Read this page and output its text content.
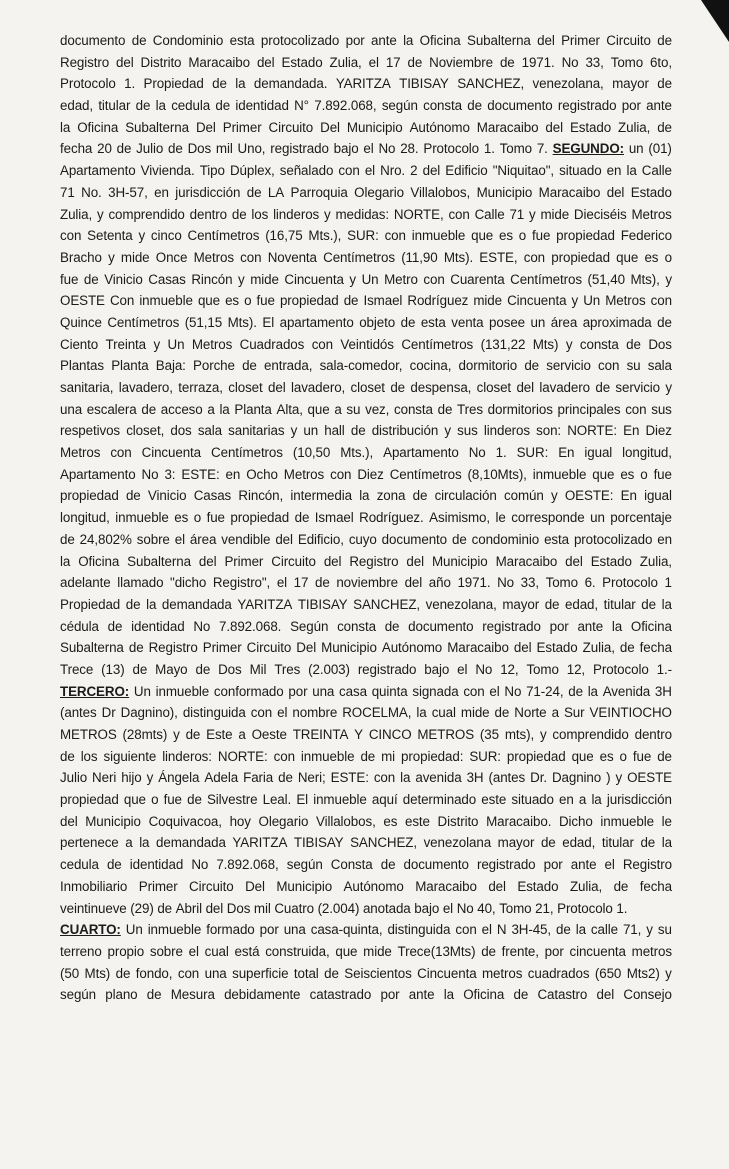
documento de Condominio esta protocolizado por ante la Oficina Subalterna del Primer Circuito de
Registro del Distrito Maracaibo del Estado Zulia, el 17 de Noviembre de 1971. No 33, Tomo 6to,
Protocolo 1. Propiedad de la demandada. YARITZA TIBISAY SANCHEZ, venezolana, mayor de
edad, titular de la cedula de identidad N° 7.892.068, según consta de documento registrado por ante
la Oficina Subalterna Del Primer Circuito Del Municipio Autónomo Maracaibo del Estado Zulia, de
fecha 20 de Julio de Dos mil Uno, registrado bajo el No 28. Protocolo 1. Tomo 7. SEGUNDO: un (01)
Apartamento Vivienda. Tipo Dúplex, señalado con el Nro. 2 del Edificio "Niquitao", situado en la Calle
71 No. 3H-57, en jurisdicción de LA Parroquia Olegario Villalobos, Municipio Maracaibo del Estado
Zulia, y comprendido dentro de los linderos y medidas: NORTE, con Calle 71 y mide Dieciséis Metros
con Setenta y cinco Centímetros (16,75 Mts.), SUR: con inmueble que es o fue propiedad Federico
Bracho y mide Once Metros con Noventa Centímetros (11,90 Mts). ESTE, con propiedad que es o
fue de Vinicio Casas Rincón y mide Cincuenta y Un Metro con Cuarenta Centímetros (51,40 Mts), y
OESTE Con inmueble que es o fue propiedad de Ismael Rodríguez mide Cincuenta y Un Metros con
Quince Centímetros (51,15 Mts). El apartamento objeto de esta venta posee un área aproximada de
Ciento Treinta y Un Metros Cuadrados con Veintidós Centímetros (131,22 Mts) y consta de Dos
Plantas Planta Baja: Porche de entrada, sala-comedor, cocina, dormitorio de servicio con su sala
sanitaria, lavadero, terraza, closet del lavadero, closet de despensa, closet del lavadero de servicio y
una escalera de acceso a la Planta Alta, que a su vez, consta de Tres dormitorios principales con sus
respetivos closet, dos sala sanitarias y un hall de distribución y sus linderos son: NORTE: En Diez
Metros con Cincuenta Centímetros (10,50 Mts.), Apartamento No 1. SUR: En igual longitud,
Apartamento No 3: ESTE: en Ocho Metros con Diez Centímetros (8,10Mts), inmueble que es o fue
propiedad de Vinicio Casas Rincón, intermedia la zona de circulación común y OESTE: En igual
longitud, inmueble es o fue propiedad de Ismael Rodríguez. Asimismo, le corresponde un porcentaje
de 24,802% sobre el área vendible del Edificio, cuyo documento de condominio esta protocolizado en
la Oficina Subalterna del Primer Circuito del Registro del Municipio Maracaibo del Estado Zulia,
adelante llamado "dicho Registro", el 17 de noviembre del año 1971. No 33, Tomo 6. Protocolo 1
Propiedad de la demandada YARITZA TIBISAY SANCHEZ, venezolana, mayor de edad, titular de la
cédula de identidad No 7.892.068. Según consta de documento registrado por ante la Oficina
Subalterna de Registro Primer Circuito Del Municipio Autónomo Maracaibo del Estado Zulia, de fecha
Trece (13) de Mayo de Dos Mil Tres (2.003) registrado bajo el No 12, Tomo 12, Protocolo 1.-
TERCERO: Un inmueble conformado por una casa quinta signada con el No 71-24, de la Avenida 3H
(antes Dr Dagnino), distinguida con el nombre ROCELMA, la cual mide de Norte a Sur VEINTIOCHO
METROS (28mts) y de Este a Oeste TREINTA Y CINCO METROS (35 mts), y comprendido dentro
de los siguiente linderos: NORTE: con inmueble de mi propiedad: SUR: propiedad que es o fue de
Julio Neri hijo y Ángela Adela Faria de Neri; ESTE: con la avenida 3H (antes Dr. Dagnino ) y OESTE
propiedad que o fue de Silvestre Leal. El inmueble aquí determinado este situado en a la jurisdicción
del Municipio Coquivacoa, hoy Olegario Villalobos, es este Distrito Maracaibo. Dicho inmueble le
pertenece a la demandada YARITZA TIBISAY SANCHEZ, venezolana mayor de edad, titular de la
cedula de identidad No 7.892.068, según Consta de documento registrado por ante el Registro
Inmobiliario Primer Circuito Del Municipio Autónomo Maracaibo del Estado Zulia, de fecha
veintinueve
(29)
de
Abril
del
Dos
mil
Cuatro
(2.004)
anotada
bajo
el
No
40,
Tomo
21,
Protocolo
1.
CUARTO: Un inmueble formado por una casa-quinta, distinguida con el N 3H-45, de la calle 71, y su
terreno propio sobre el cual está construida, que mide Trece(13Mts) de frente, por cincuenta metros
(50 Mts) de fondo, con una superficie total de Seiscientos Cincuenta metros cuadrados (650 Mts2) y
según plano de Mesura debidamente catastrado por ante la Oficina de Catastro del Consejo
